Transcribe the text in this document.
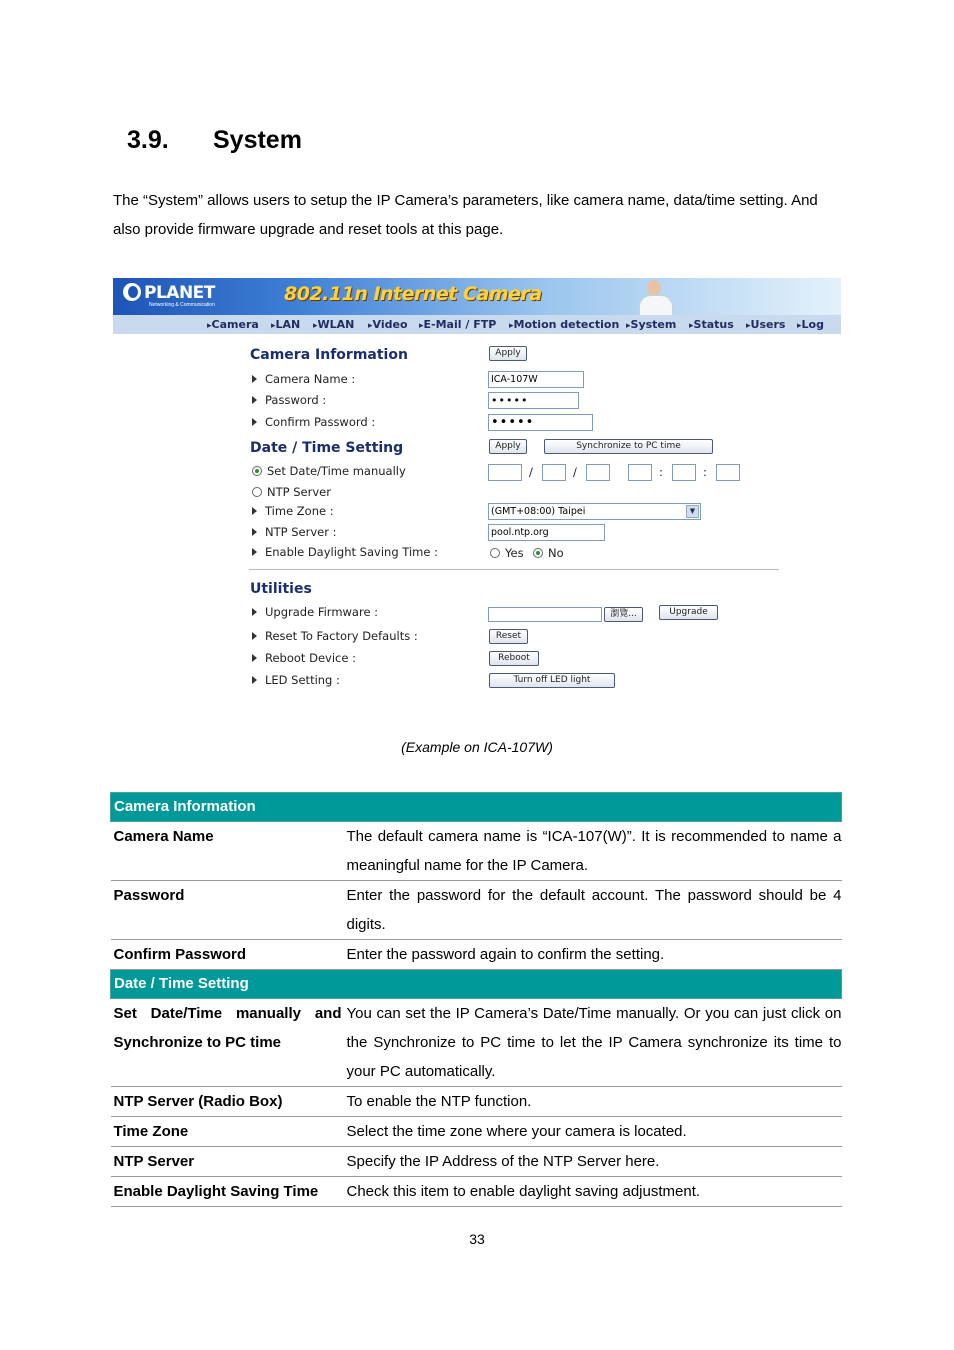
3.9. System

The “System” allows users to setup the IP Camera’s parameters, like camera name, data/time setting. And also provide firmware upgrade and reset tools at this page.

PLANET
Networking & Communication	802.11n Internet Camera
▸ Camera	▸ LAN	▸ WLAN	▸ Video	▸ E-Mail / FTP	▸ Motion detection	▸ System	▸ Status	▸ Users	▸ Log
Camera Information	Apply
Camera Name :	ICA-107W
Password :	•••••
Confirm Password :	•••••
Date / Time Setting	Apply	Synchronize to PC time
Set Date/Time manually	/	/	:	:
NTP Server
Time Zone :	(GMT+08:00) Taipei	▼
NTP Server :	pool.ntp.org
Enable Daylight Saving Time :	Yes	No
Utilities
Upgrade Firmware :	瀏覽...	Upgrade
Reset To Factory Defaults :	Reset
Reboot Device :	Reboot
LED Setting :	Turn off LED light
(Example on ICA-107W)
Camera Information	
Camera Name	The default camera name is “ICA-107(W)”. It is recommended to name a meaningful name for the IP Camera.
Password	Enter the password for the default account. The password should be 4 digits.
Confirm Password	Enter the password again to confirm the setting.
Date / Time Setting	
Set Date/Time manually and Synchronize to PC time	You can set the IP Camera’s Date/Time manually. Or you can just click on the Synchronize to PC time to let the IP Camera synchronize its time to your PC automatically.
NTP Server (Radio Box)	To enable the NTP function.
Time Zone	Select the time zone where your camera is located.
NTP Server	Specify the IP Address of the NTP Server here.
Enable Daylight Saving Time	Check this item to enable daylight saving adjustment.
33
